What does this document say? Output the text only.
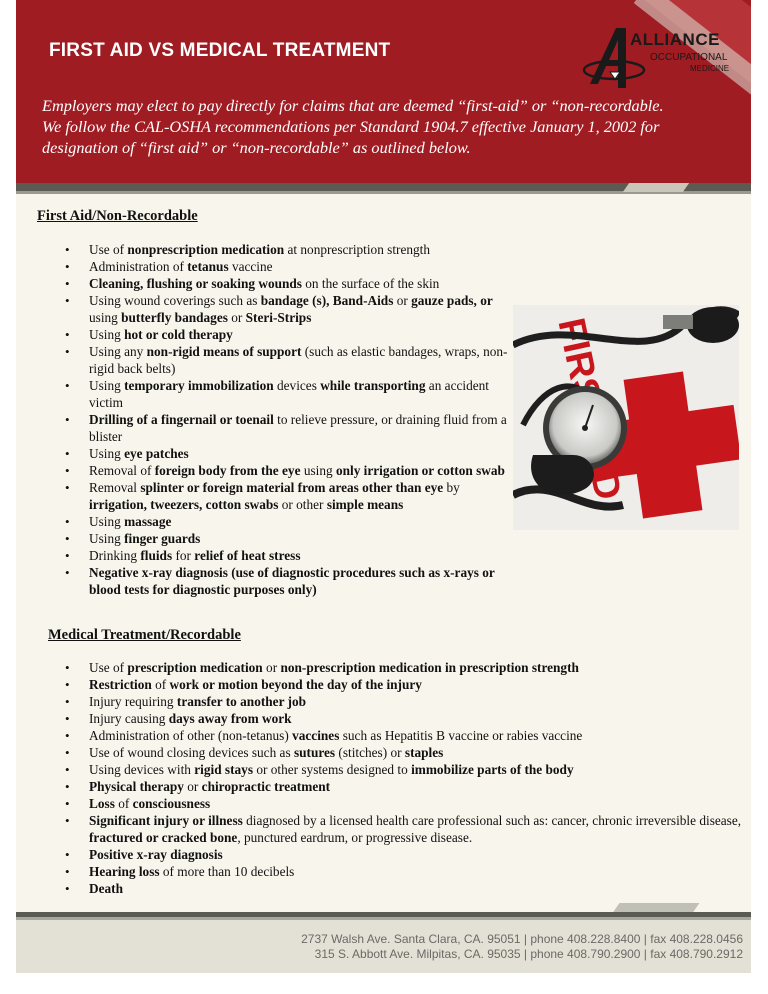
FIRST AID VS MEDICAL TREATMENT
Employers may elect to pay directly for claims that are deemed “first-aid” or “non-recordable. We follow the CAL-OSHA recommendations per Standard 1904.7 effective January 1, 2002 for designation of “first aid” or “non-recordable” as outlined below.
ALLIANCE
OCCUPATIONAL
MEDICINE
First Aid/Non-Recordable
• Use of nonprescription medication at nonprescription strength
• Administration of tetanus vaccine
• Cleaning, flushing or soaking wounds on the surface of the skin
• Using wound coverings such as bandage (s), Band-Aids or gauze pads, or using butterfly bandages or Steri-Strips
• Using hot or cold therapy
• Using any non-rigid means of support (such as elastic bandages, wraps, non-rigid back belts)
• Using temporary immobilization devices while transporting an accident victim
• Drilling of a fingernail or toenail to relieve pressure, or draining fluid from a blister
• Using eye patches
• Removal of foreign body from the eye using only irrigation or cotton swab
• Removal splinter or foreign material from areas other than eye by irrigation, tweezers, cotton swabs or other simple means
• Using massage
• Using finger guards
• Drinking fluids for relief of heat stress
• Negative x-ray diagnosis (use of diagnostic procedures such as x-rays or blood tests for diagnostic purposes only)
FIRST AID
Medical Treatment/Recordable
• Use of prescription medication or non-prescription medication in prescription strength
• Restriction of work or motion beyond the day of the injury
• Injury requiring transfer to another job
• Injury causing days away from work
• Administration of other (non-tetanus) vaccines such as Hepatitis B vaccine or rabies vaccine
• Use of wound closing devices such as sutures (stitches) or staples
• Using devices with rigid stays or other systems designed to immobilize parts of the body
• Physical therapy or chiropractic treatment
• Loss of consciousness
• Significant injury or illness diagnosed by a licensed health care professional such as: cancer, chronic irreversible disease, fractured or cracked bone, punctured eardrum, or progressive disease.
• Positive x-ray diagnosis
• Hearing loss of more than 10 decibels
• Death
2737 Walsh Ave. Santa Clara, CA. 95051 | phone 408.228.8400 | fax 408.228.0456
315 S. Abbott Ave. Milpitas, CA. 95035 | phone 408.790.2900 | fax 408.790.2912
